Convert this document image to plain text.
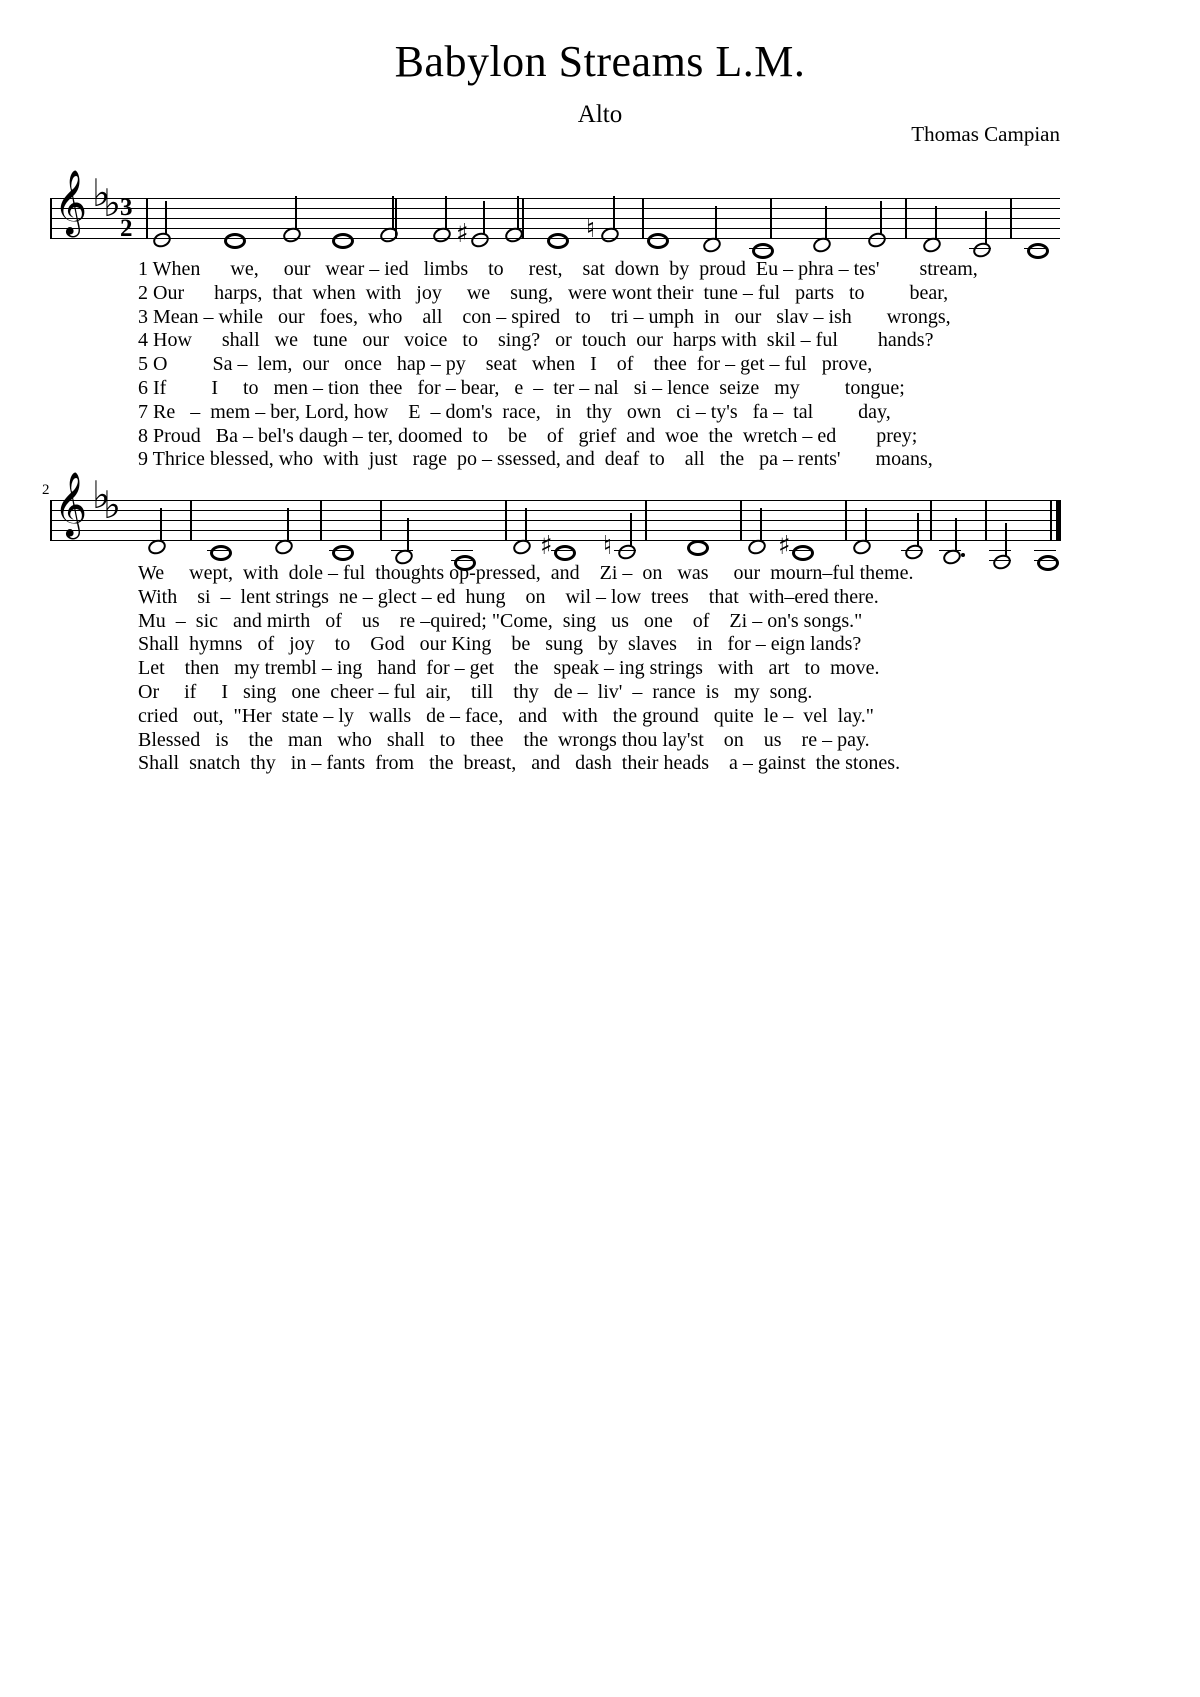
Babylon Streams L.M.
Alto
Thomas Campian
𝄞 ♭
♭ 3
2	♯	♮
1 When      we,     our   wear – ied   limbs    to     rest,    sat  down  by  proud  Eu – phra – tes'        stream,
2 Our      harps,  that  when  with   joy     we    sung,   were wont their  tune – ful   parts   to         bear,
3 Mean – while   our   foes,  who    all    con – spired   to    tri – umph  in   our   slav – ish       wrongs,
4 How      shall   we   tune   our   voice   to    sing?   or  touch  our  harps with  skil – ful        hands?
5 O         Sa –  lem,  our   once   hap – py    seat   when   I    of    thee  for – get – ful   prove,
6 If         I     to   men – tion  thee   for – bear,   e  –  ter – nal   si – lence  seize   my         tongue;
7 Re   –  mem – ber, Lord, how    E  – dom's  race,   in   thy   own   ci – ty's   fa –  tal         day,
8 Proud   Ba – bel's daugh – ter, doomed  to    be    of   grief  and  woe  the  wretch – ed        prey;
9 Thrice blessed, who  with  just   rage  po – ssessed, and  deaf  to    all   the   pa – rents'       moans,
2 𝄞 ♭
♭
♯ ♮	♯
We     wept,  with  dole – ful  thoughts op-pressed,  and    Zi –  on   was     our  mourn–ful theme.
With    si  –  lent strings  ne – glect – ed  hung    on    wil – low  trees    that  with–ered there.
Mu  –  sic   and mirth   of    us    re –quired; "Come,  sing   us   one    of    Zi – on's songs."
Shall  hymns   of   joy    to    God   our King    be   sung   by  slaves    in   for – eign lands?
Let    then   my trembl – ing   hand  for – get    the   speak – ing strings   with   art   to  move.
Or     if     I   sing   one  cheer – ful  air,    till    thy   de –  liv'  –  rance  is   my  song.
cried   out,  "Her  state – ly   walls   de – face,   and   with   the ground   quite  le –  vel  lay."
Blessed   is    the   man   who   shall   to   thee    the  wrongs thou lay'st    on    us    re – pay.
Shall  snatch  thy   in – fants  from   the  breast,   and   dash  their heads    a – gainst  the stones.
